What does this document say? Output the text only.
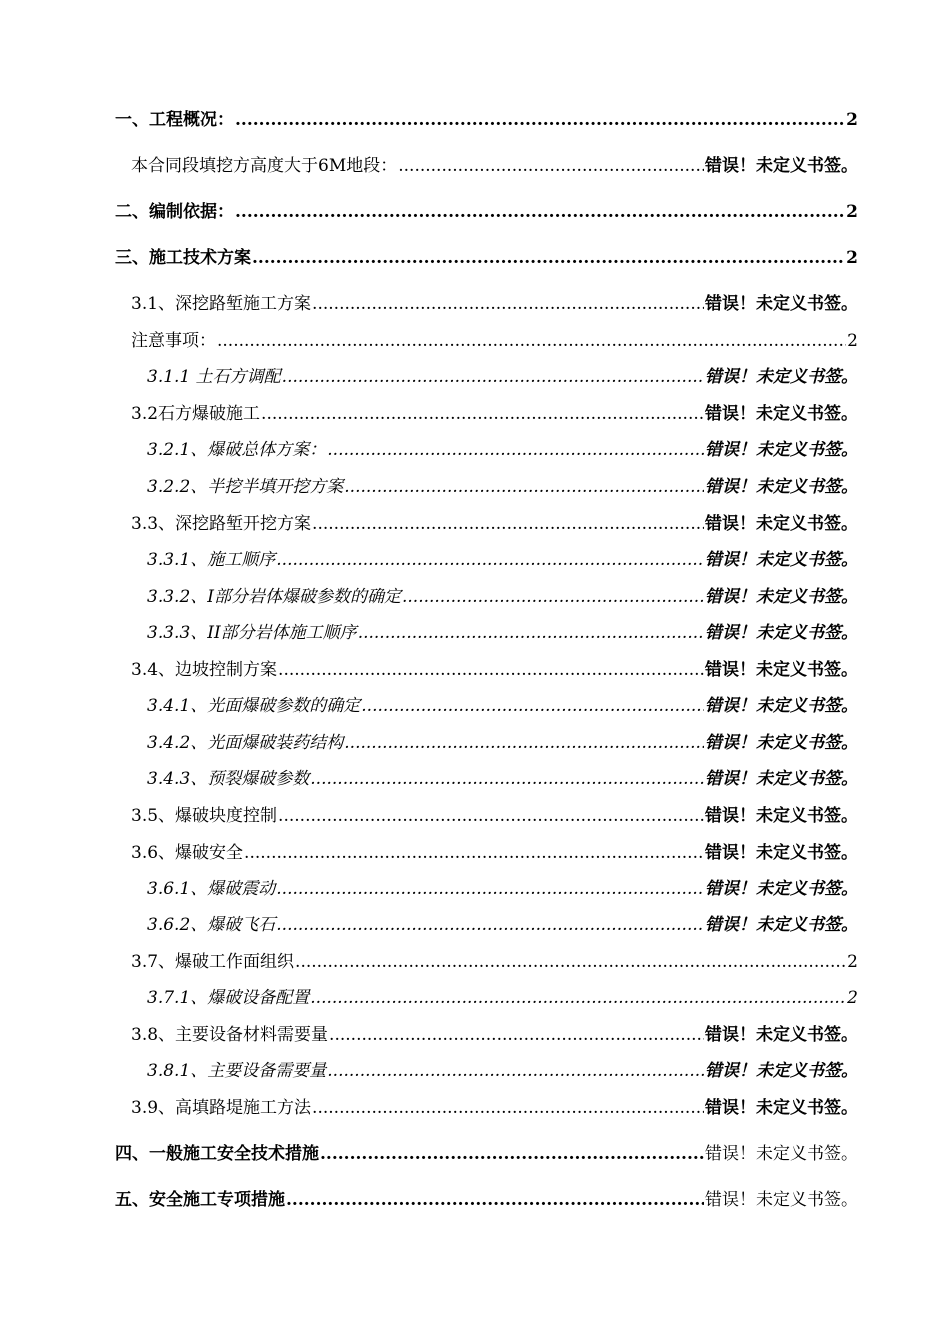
一、工程概况： .....	2
本合同段填挖方高度大于6M地段： .....	错误！未定义书签。
二、编制依据： .....	2
三、施工技术方案 .....	2
3.1、深挖路堑施工方案 .....	错误！未定义书签。
注意事项： .....	2
3.1.1 土石方调配 .....	错误！未定义书签。
3.2石方爆破施工 .....	错误！未定义书签。
3.2.1、爆破总体方案： .....	错误！未定义书签。
3.2.2、半挖半填开挖方案 .....	错误！未定义书签。
3.3、深挖路堑开挖方案 .....	错误！未定义书签。
3.3.1、施工顺序 .....	错误！未定义书签。
3.3.2、I部分岩体爆破参数的确定 .....	错误！未定义书签。
3.3.3、II部分岩体施工顺序 .....	错误！未定义书签。
3.4、边坡控制方案 .....	错误！未定义书签。
3.4.1、光面爆破参数的确定 .....	错误！未定义书签。
3.4.2、光面爆破装药结构 .....	错误！未定义书签。
3.4.3、预裂爆破参数 .....	错误！未定义书签。
3.5、爆破块度控制 .....	错误！未定义书签。
3.6、爆破安全 .....	错误！未定义书签。
3.6.1、爆破震动 .....	错误！未定义书签。
3.6.2、爆破飞石 .....	错误！未定义书签。
3.7、爆破工作面组织 .....	2
3.7.1、爆破设备配置 .....	2
3.8、主要设备材料需要量 .....	错误！未定义书签。
3.8.1、主要设备需要量 .....	错误！未定义书签。
3.9、高填路堤施工方法 .....	错误！未定义书签。
四、一般施工安全技术措施 .....	错误！未定义书签。
五、安全施工专项措施 .....	错误！未定义书签。
